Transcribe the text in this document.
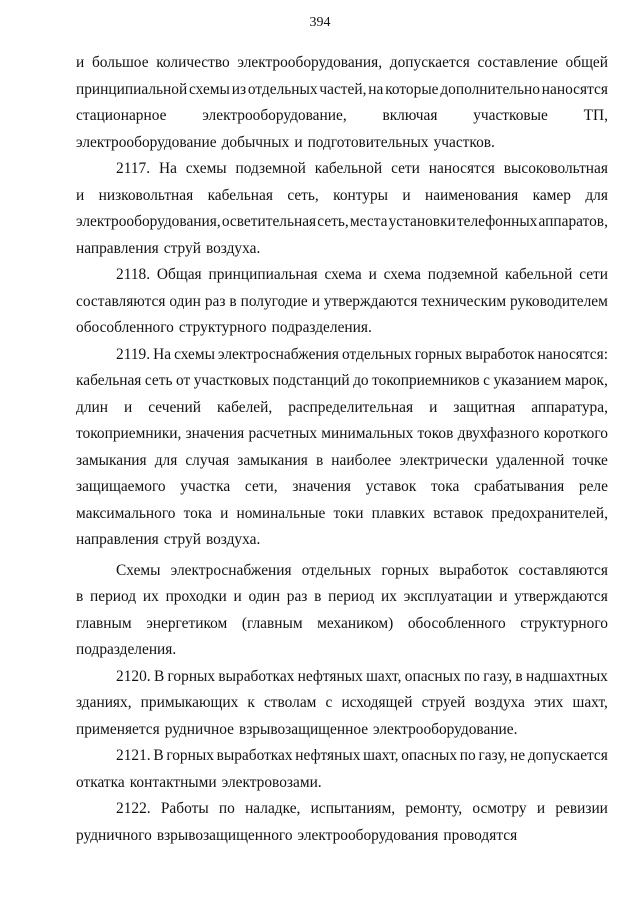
394
и большое количество электрооборудования, допускается составление общей
принципиальной схемы из отдельных частей, на которые дополнительно наносятся
стационарное электрооборудование, включая участковые ТП,
электрооборудование добычных и подготовительных участков.
2117. На схемы подземной кабельной сети наносятся высоковольтная
и низковольтная кабельная сеть, контуры и наименования камер для
электрооборудования, осветительная сеть, места установки телефонных аппаратов,
направления струй воздуха.
2118. Общая принципиальная схема и схема подземной кабельной сети
составляются один раз в полугодие и утверждаются техническим руководителем
обособленного структурного подразделения.
2119. На схемы электроснабжения отдельных горных выработок наносятся:
кабельная сеть от участковых подстанций до токоприемников с указанием марок,
длин и сечений кабелей, распределительная и защитная аппаратура,
токоприемники, значения расчетных минимальных токов двухфазного короткого
замыкания для случая замыкания в наиболее электрически удаленной точке
защищаемого участка сети, значения уставок тока срабатывания реле
максимального тока и номинальные токи плавких вставок предохранителей,
направления струй воздуха.
Схемы электроснабжения отдельных горных выработок составляются
в период их проходки и один раз в период их эксплуатации и утверждаются
главным энергетиком (главным механиком) обособленного структурного
подразделения.
2120. В горных выработках нефтяных шахт, опасных по газу, в надшахтных
зданиях, примыкающих к стволам с исходящей струей воздуха этих шахт,
применяется рудничное взрывозащищенное электрооборудование.
2121. В горных выработках нефтяных шахт, опасных по газу, не допускается
откатка контактными электровозами.
2122. Работы по наладке, испытаниям, ремонту, осмотру и ревизии
рудничного взрывозащищенного электрооборудования проводятся
